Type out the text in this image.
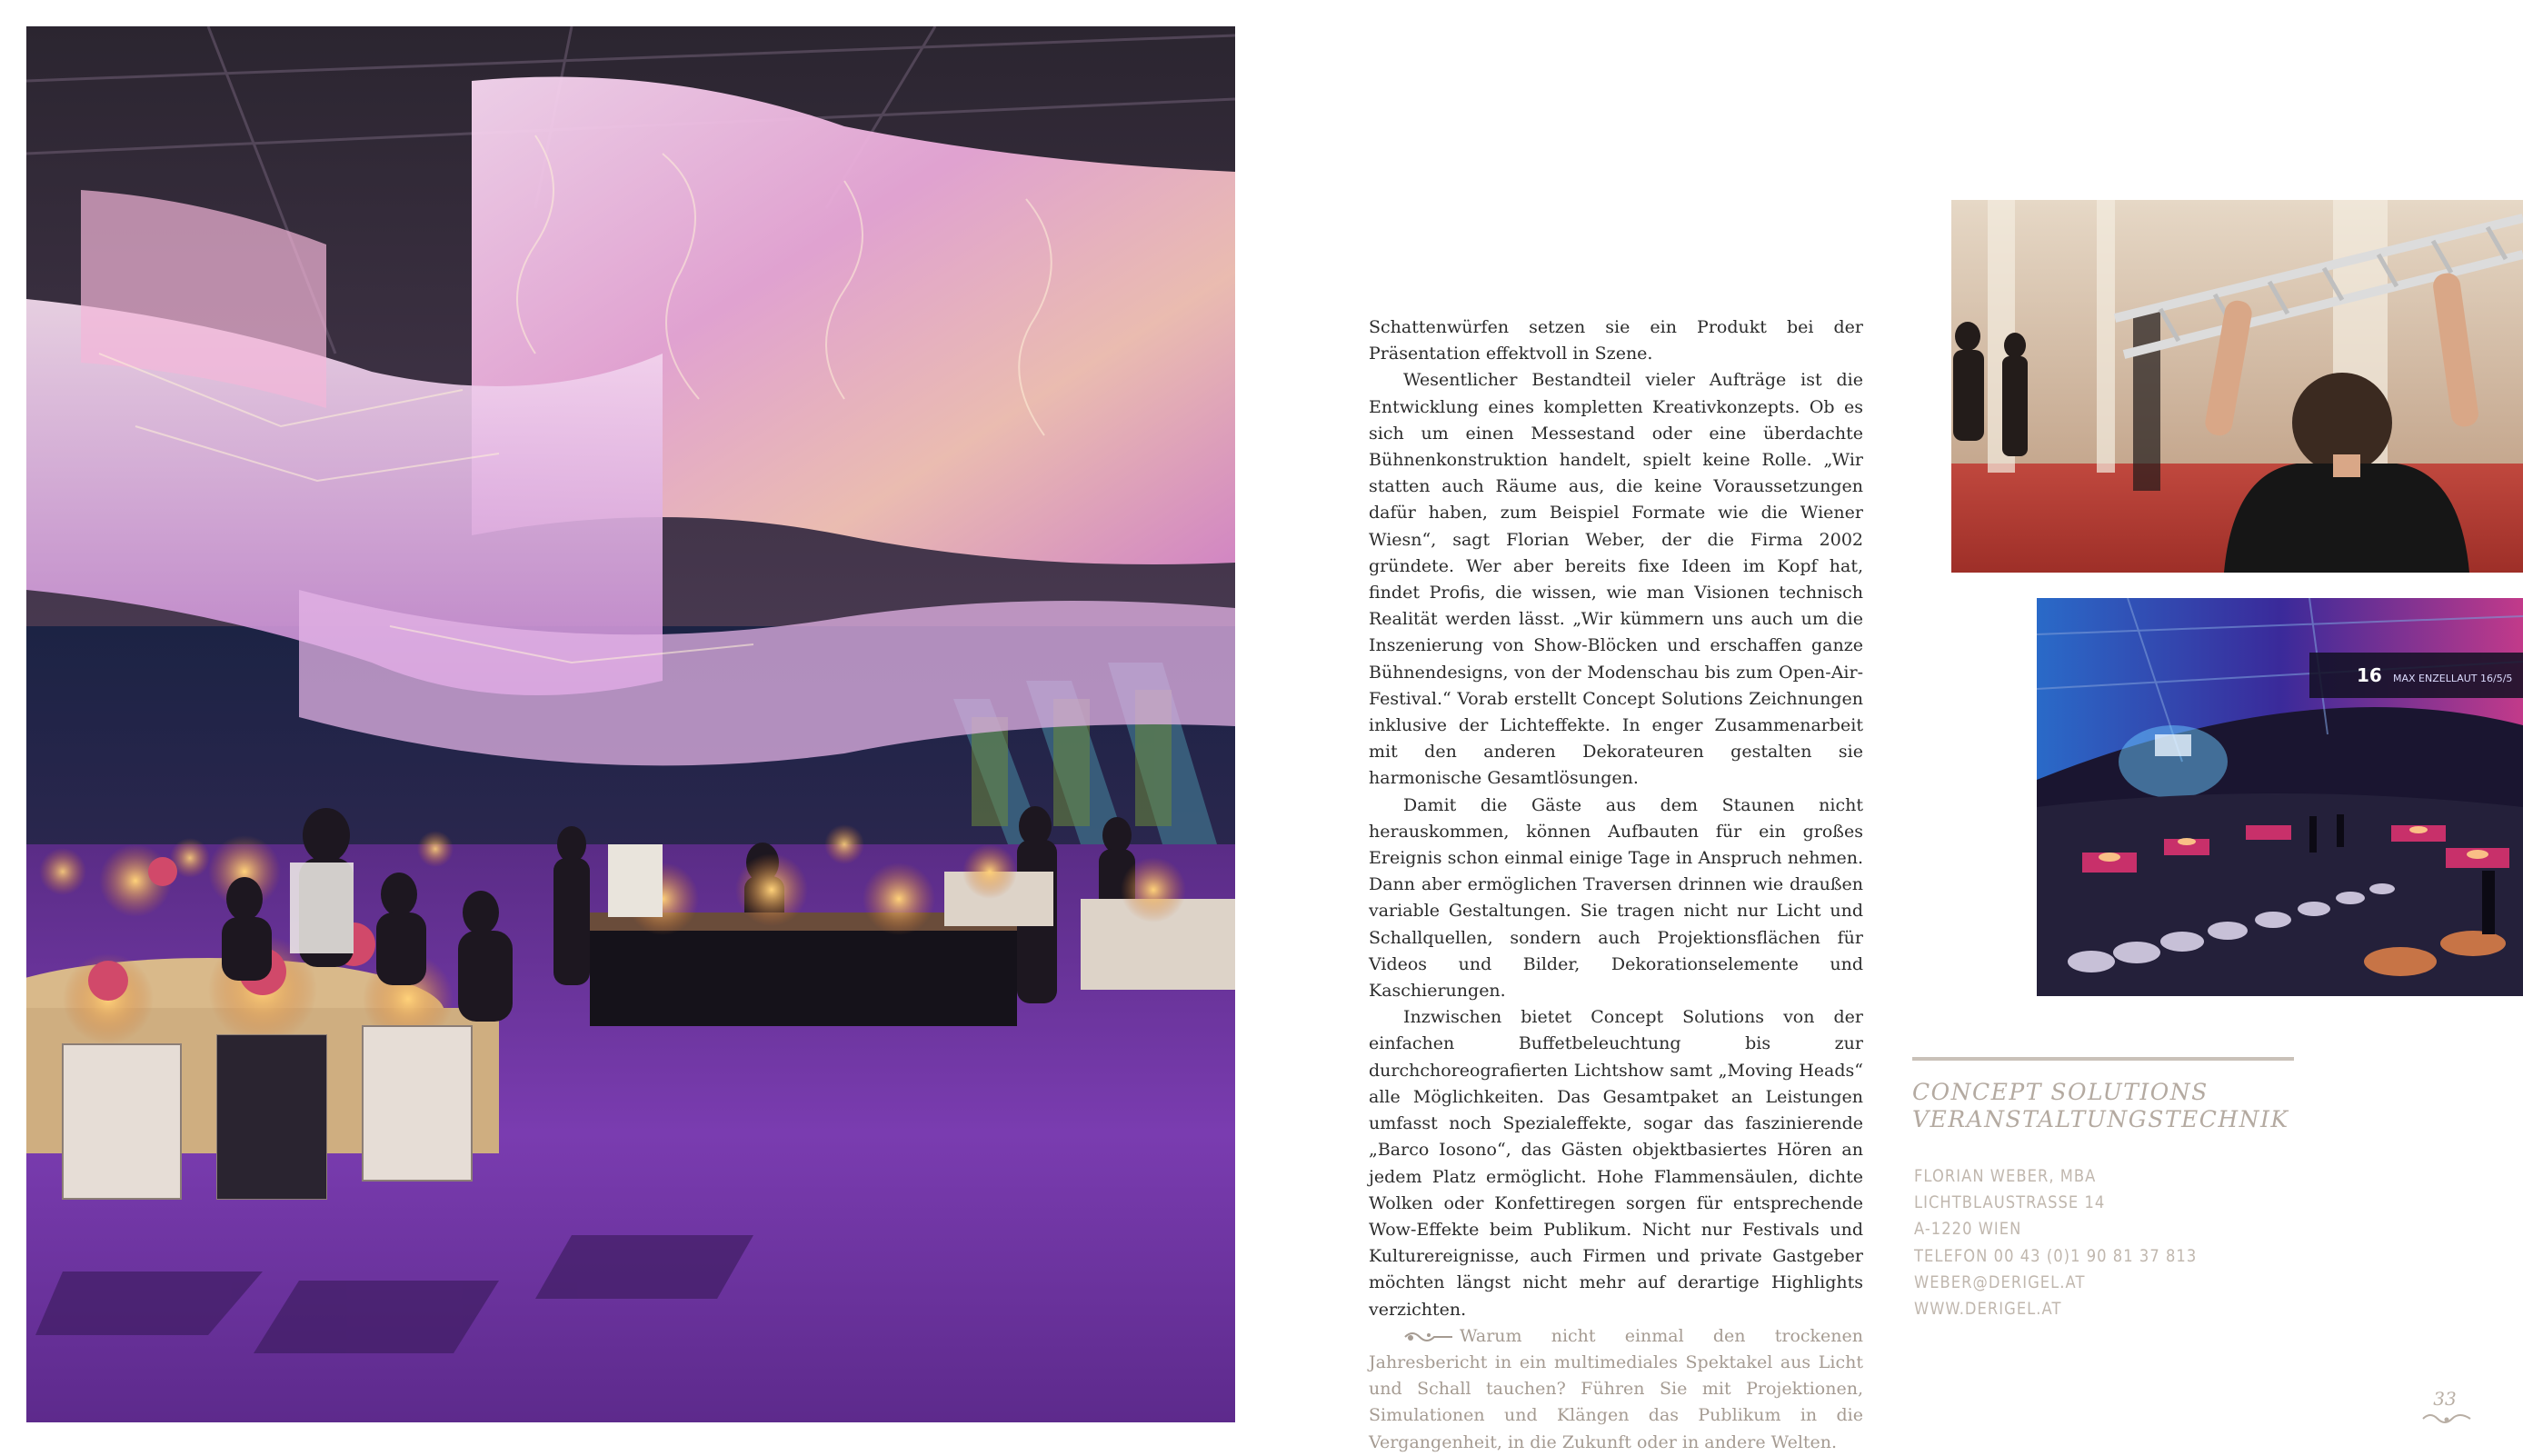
16 MAX ENZELLAUT 16/5/5

Schattenwürfen setzen sie ein Produkt bei der Präsentation effektvoll in Szene.

Wesentlicher Bestandteil vieler Aufträge ist die Entwicklung eines kompletten Kreativkonzepts. Ob es sich um einen Messestand oder eine überdachte Bühnenkonstruktion handelt, spielt keine Rolle. „Wir statten auch Räume aus, die keine Voraussetzungen dafür haben, zum Beispiel Formate wie die Wiener Wiesn“, sagt Florian Weber, der die Firma 2002 gründete. Wer aber bereits fixe Ideen im Kopf hat, findet Profis, die wissen, wie man Visionen technisch Realität werden lässt. „Wir kümmern uns auch um die Inszenierung von Show-Blöcken und erschaffen ganze Bühnendesigns, von der Modenschau bis zum Open-Air-Festival.“ Vorab erstellt Concept Solutions Zeichnungen inklusive der Lichteffekte. In enger Zusammenarbeit mit den anderen Dekorateuren gestalten sie harmonische Gesamtlösungen.

Damit die Gäste aus dem Staunen nicht herauskommen, können Aufbauten für ein großes Ereignis schon einmal einige Tage in Anspruch nehmen. Dann aber ermöglichen Traversen drinnen wie draußen variable Gestaltungen. Sie tragen nicht nur Licht und Schallquellen, sondern auch Projektionsflächen für Videos und Bilder, Dekorationselemente und Kaschierungen.

Inzwischen bietet Concept Solutions von der einfachen Buffetbeleuchtung bis zur durchchoreografierten Lichtshow samt „Moving Heads“ alle Möglichkeiten. Das Gesamtpaket an Leistungen umfasst noch Spezialeffekte, sogar das faszinierende „Barco Iosono“, das Gästen objektbasiertes Hören an jedem Platz ermöglicht. Hohe Flammensäulen, dichte Wolken oder Konfettiregen sorgen für entsprechende Wow-Effekte beim Publikum. Nicht nur Festivals und Kulturereignisse, auch Firmen und private Gastgeber möchten längst nicht mehr auf derartige Highlights verzichten.

Warum nicht einmal den trockenen Jahresbericht in ein multimediales Spektakel aus Licht und Schall tauchen? Führen Sie mit Projektionen, Simulationen und Klängen das Publikum in die Vergangenheit, in die Zukunft oder in andere Welten.

CONCEPT SOLUTIONS
VERANSTALTUNGSTECHNIK
FLORIAN WEBER, MBA
LICHTBLAUSTRASSE 14
A-1220 WIEN
TELEFON 00 43 (0)1 90 81 37 813
WEBER@DERIGEL.AT
WWW.DERIGEL.AT
33
